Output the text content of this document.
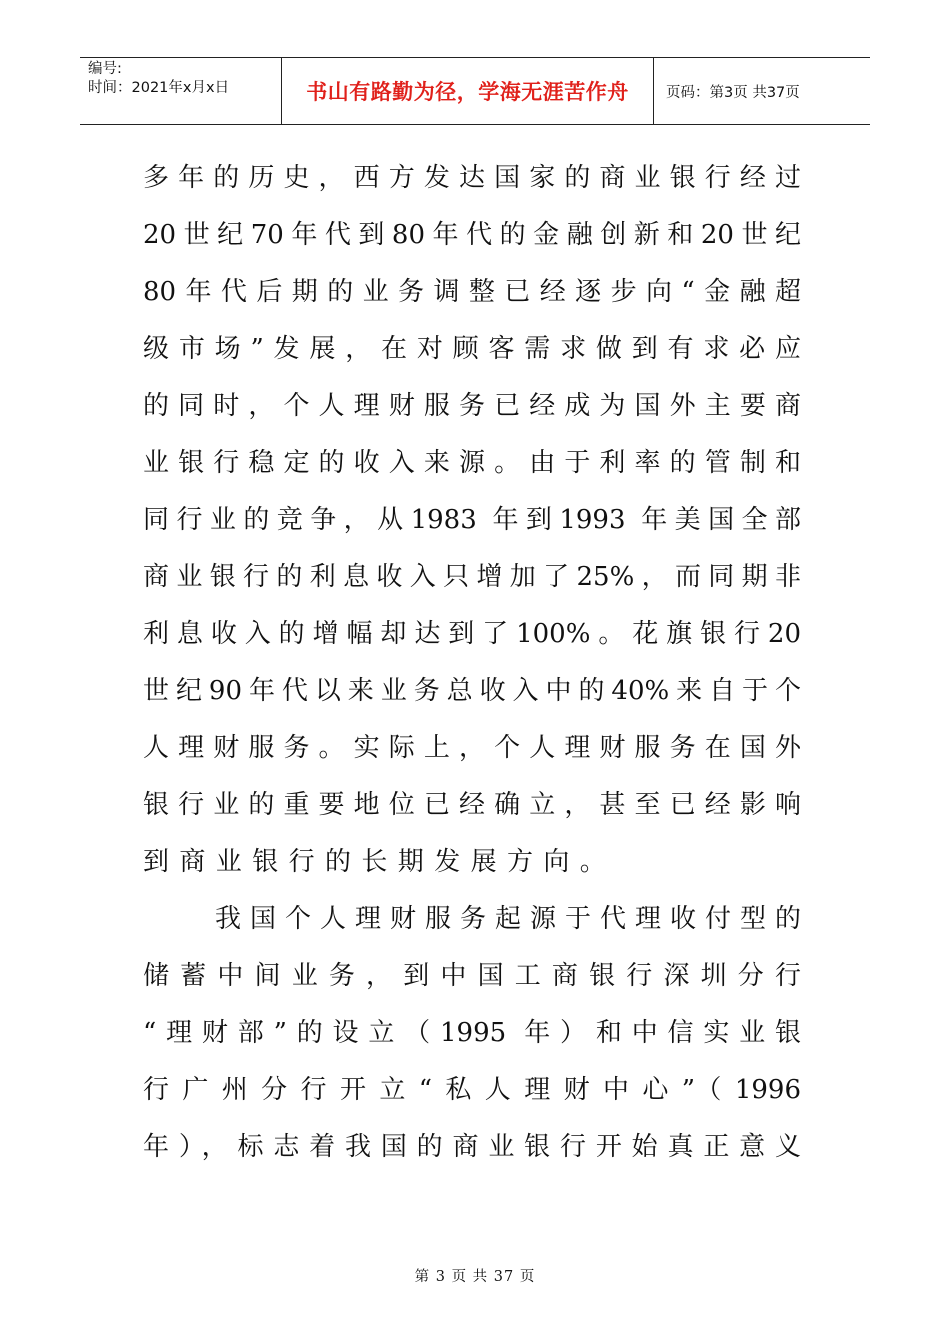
编号:
时间：2021年x月x日	书山有路勤为径，学海无涯苦作舟	页码：第3页 共37页
多年的历史，西方发达国家的商业银行经过
20世纪70年代到80年代的金融创新和20世纪
80年代后期的业务调整已经逐步向“金融超
级市场”发展，在对顾客需求做到有求必应
的同时，个人理财服务已经成为国外主要商
业银行稳定的收入来源。由于利率的管制和
同行业的竞争，从1983 年到1993 年美国全部
商业银行的利息收入只增加了25%，而同期非
利息收入的增幅却达到了100%。花旗银行20
世纪90年代以来业务总收入中的40%来自于个
人理财服务。实际上，个人理财服务在国外
银行业的重要地位已经确立，甚至已经影响
到商业银行的长期发展方向。
我国个人理财服务起源于代理收付型的
储蓄中间业务，到中国工商银行深圳分行
“理财部”的设立（1995 年）和中信实业银
行广州分行开立“私人理财中心”（1996
年），标志着我国的商业银行开始真正意义
第 3 页 共 37 页
